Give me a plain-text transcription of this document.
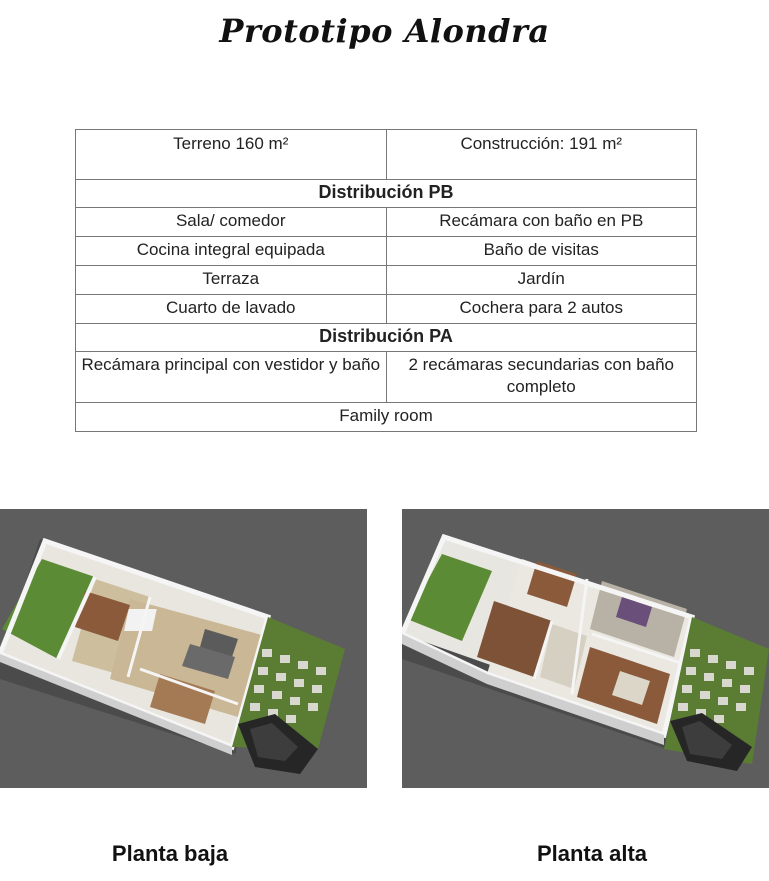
Prototipo Alondra
Terreno 160 m²	Construcción: 191 m²
Distribución PB	
Sala/ comedor	Recámara con baño en PB
Cocina integral equipada	Baño de visitas
Terraza	Jardín
Cuarto de lavado	Cochera para 2 autos
Distribución PA	
Recámara principal con vestidor y baño	2 recámaras secundarias con baño completo
Family room	
Planta baja	Planta alta
